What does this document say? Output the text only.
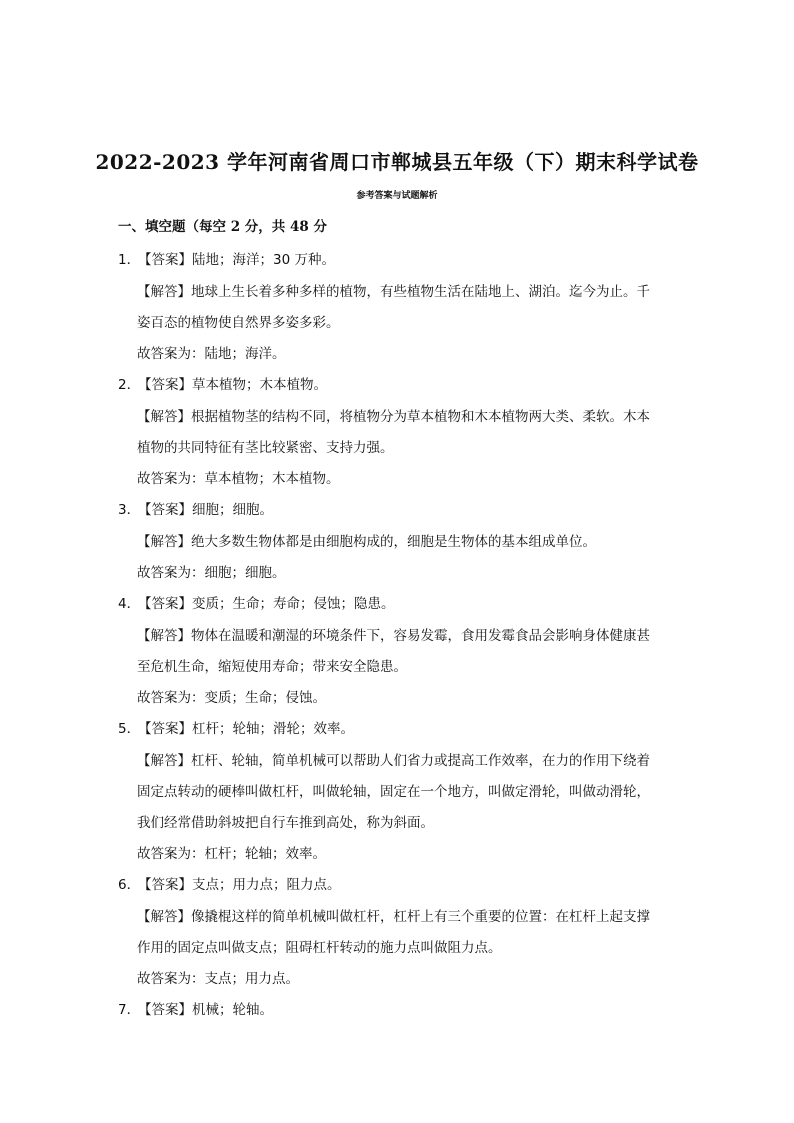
2022-2023 学年河南省周口市郸城县五年级（下）期末科学试卷
参考答案与试题解析
一、填空题（每空 2 分，共 48 分
1．【答案】陆地；海洋；30 万种。
【解答】地球上生长着多种多样的植物，有些植物生活在陆地上、湖泊。迄今为止。千
姿百态的植物使自然界多姿多彩。
故答案为：陆地；海洋。
2．【答案】草本植物；木本植物。
【解答】根据植物茎的结构不同，将植物分为草本植物和木本植物两大类、柔软。木本
植物的共同特征有茎比较紧密、支持力强。
故答案为：草本植物；木本植物。
3．【答案】细胞；细胞。
【解答】绝大多数生物体都是由细胞构成的，细胞是生物体的基本组成单位。
故答案为：细胞；细胞。
4．【答案】变质；生命；寿命；侵蚀；隐患。
【解答】物体在温暖和潮湿的环境条件下，容易发霉，食用发霉食品会影响身体健康甚
至危机生命，缩短使用寿命；带来安全隐患。
故答案为：变质；生命；侵蚀。
5．【答案】杠杆；轮轴；滑轮；效率。
【解答】杠杆、轮轴，简单机械可以帮助人们省力或提高工作效率，在力的作用下绕着
固定点转动的硬棒叫做杠杆，叫做轮轴，固定在一个地方，叫做定滑轮，叫做动滑轮，
我们经常借助斜坡把自行车推到高处，称为斜面。
故答案为：杠杆；轮轴；效率。
6．【答案】支点；用力点；阻力点。
【解答】像撬棍这样的简单机械叫做杠杆，杠杆上有三个重要的位置：在杠杆上起支撑
作用的固定点叫做支点；阻碍杠杆转动的施力点叫做阻力点。
故答案为：支点；用力点。
7．【答案】机械；轮轴。
